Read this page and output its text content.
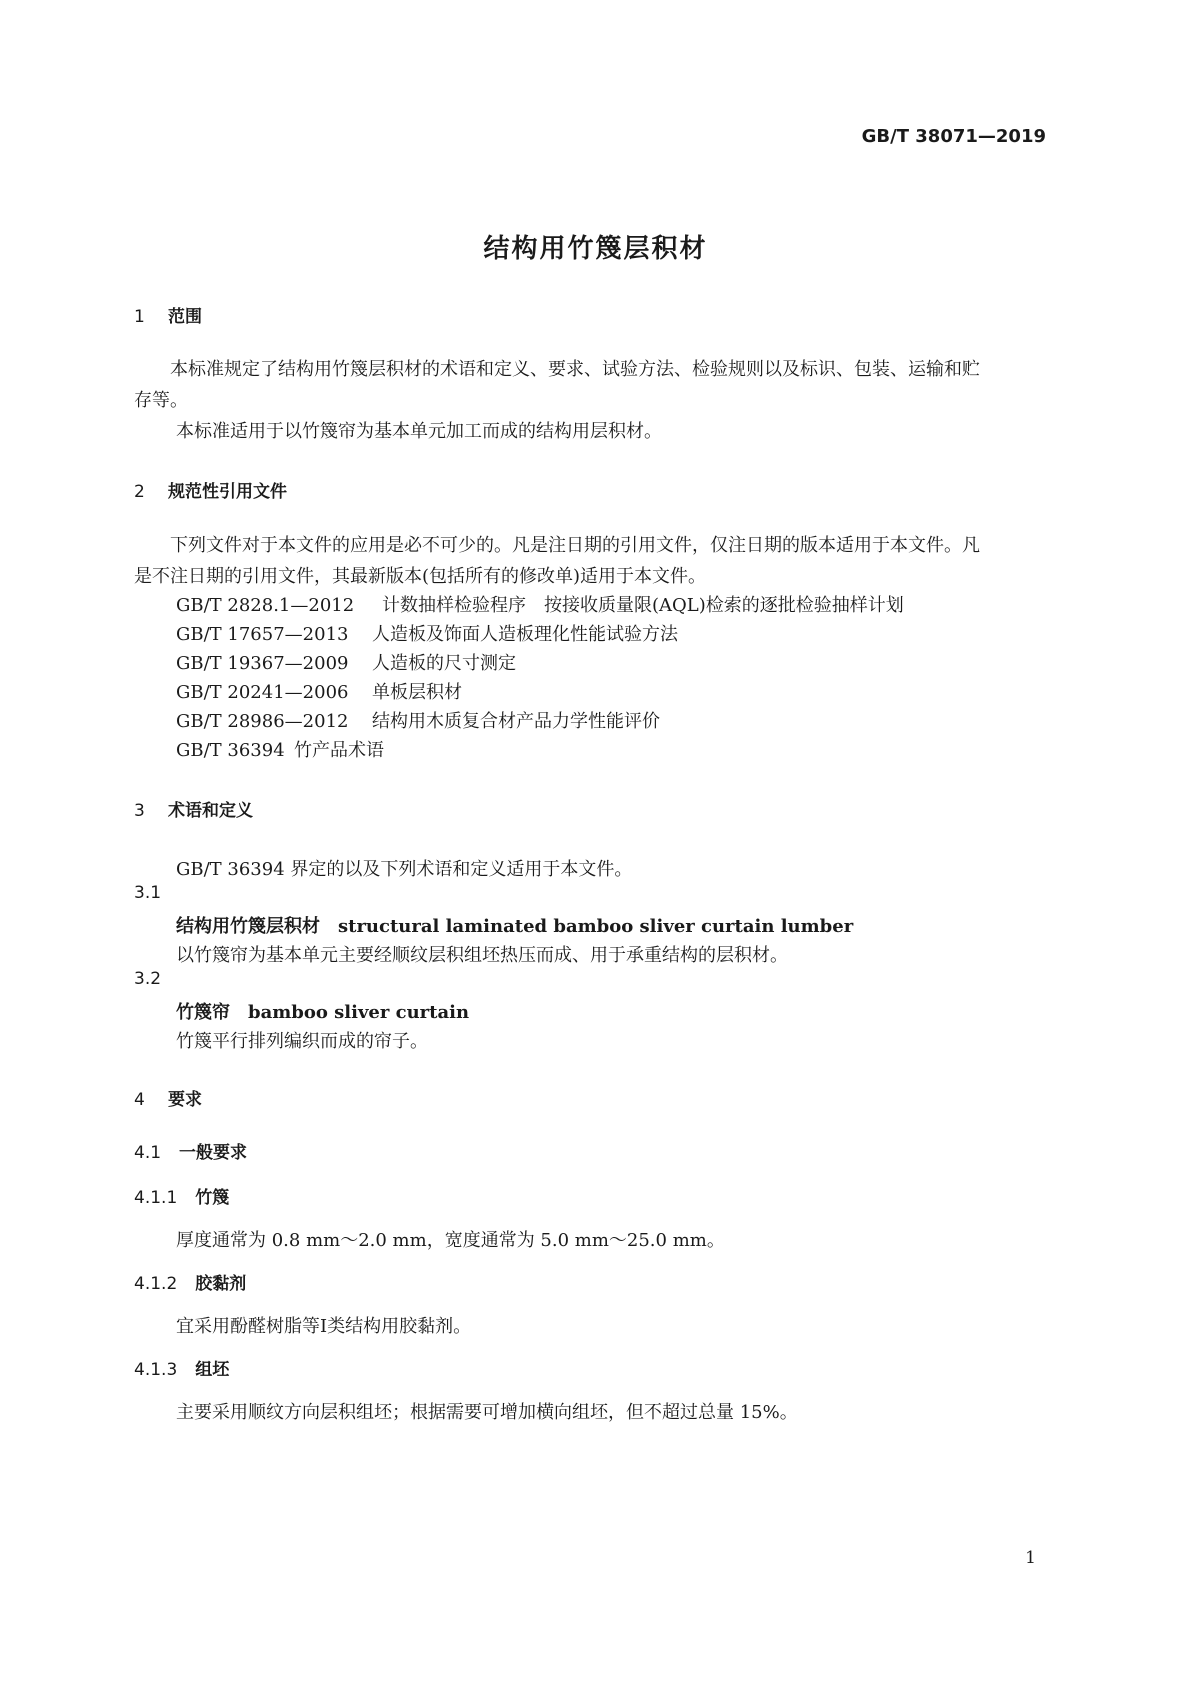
GB/T 38071—2019
结构用竹篾层积材
1 范围
本标准规定了结构用竹篾层积材的术语和定义、要求、试验方法、检验规则以及标识、包装、运输和贮存等。
本标准适用于以竹篾帘为基本单元加工而成的结构用层积材。
2 规范性引用文件
下列文件对于本文件的应用是必不可少的。凡是注日期的引用文件，仅注日期的版本适用于本文件。凡是不注日期的引用文件，其最新版本(包括所有的修改单)适用于本文件。
GB/T 2828.1—2012 计数抽样检验程序　按接收质量限(AQL)检索的逐批检验抽样计划
GB/T 17657—2013 人造板及饰面人造板理化性能试验方法
GB/T 19367—2009 人造板的尺寸测定
GB/T 20241—2006 单板层积材
GB/T 28986—2012 结构用木质复合材产品力学性能评价
GB/T 36394 竹产品术语
3 术语和定义
GB/T 36394 界定的以及下列术语和定义适用于本文件。
3.1
结构用竹篾层积材 structural laminated bamboo sliver curtain lumber
以竹篾帘为基本单元主要经顺纹层积组坯热压而成、用于承重结构的层积材。
3.2
竹篾帘 bamboo sliver curtain
竹篾平行排列编织而成的帘子。
4 要求
4.1 一般要求
4.1.1 竹篾
厚度通常为 0.8 mm～2.0 mm，宽度通常为 5.0 mm～25.0 mm。
4.1.2 胶黏剂
宜采用酚醛树脂等Ⅰ类结构用胶黏剂。
4.1.3 组坯
主要采用顺纹方向层积组坯；根据需要可增加横向组坯，但不超过总量 15%。
1
